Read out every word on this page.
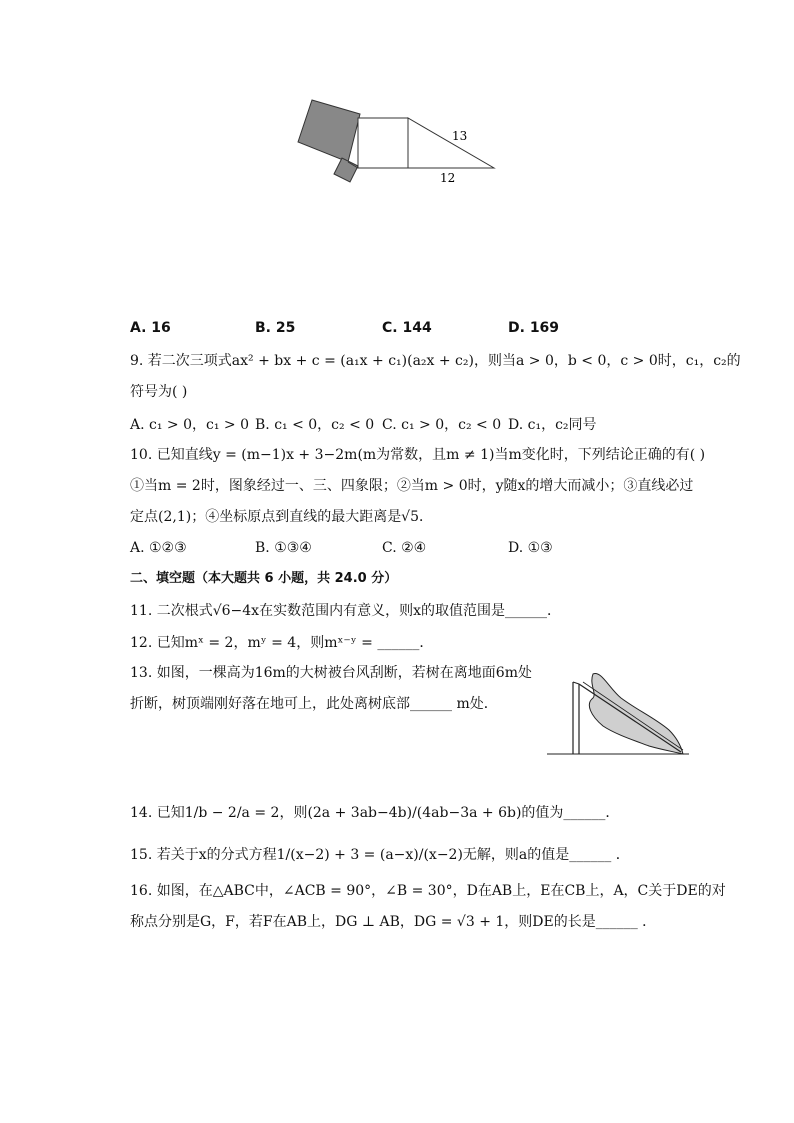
13
12
A. 16	B. 25	C. 144	D. 169
9. 若二次三项式ax² + bx + c = (a₁x + c₁)(a₂x + c₂)，则当a > 0，b < 0，c > 0时，c₁，c₂的
符号为( )
A. c₁ > 0，c₁ > 0 B. c₁ < 0，c₂ < 0 C. c₁ > 0，c₂ < 0 D. c₁，c₂同号
10. 已知直线y = (m−1)x + 3−2m(m为常数，且m ≠ 1)当m变化时，下列结论正确的有( )
①当m = 2时，图象经过一、三、四象限；②当m > 0时，y随x的增大而减小；③直线必过
定点(2,1)；④坐标原点到直线的最大距离是√5．
A. ①②③	B. ①③④	C. ②④	D. ①③
二、填空题（本大题共 6 小题，共 24.0 分）
11. 二次根式√6−4x在实数范围内有意义，则x的取值范围是______．
12. 已知mˣ = 2，mʸ = 4，则mˣ⁻ʸ = ______．
13. 如图，一棵高为16m的大树被台风刮断，若树在离地面6m处
折断，树顶端刚好落在地可上，此处离树底部______ m处．
14. 已知1/b − 2/a = 2，则(2a + 3ab−4b)/(4ab−3a + 6b)的值为______．
15. 若关于x的分式方程1/(x−2) + 3 = (a−x)/(x−2)无解，则a的值是______ ．
16. 如图，在△ABC中，∠ACB = 90°，∠B = 30°，D在AB上，E在CB上，A，C关于DE的对
称点分别是G，F，若F在AB上，DG ⊥ AB，DG = √3 + 1，则DE的长是______ ．
